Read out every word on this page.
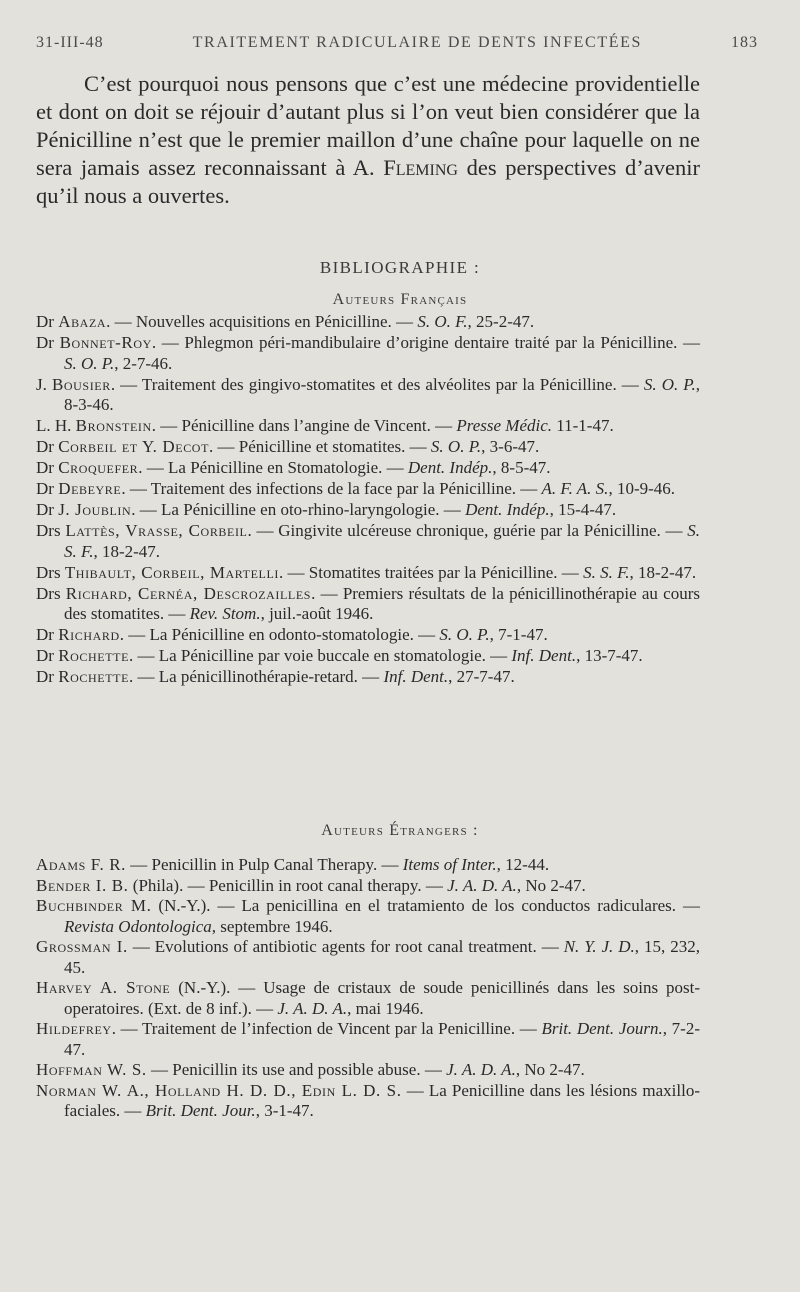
31-III-48	TRAITEMENT RADICULAIRE DE DENTS INFECTÉES	183

C’est pourquoi nous pensons que c’est une médecine providentielle et dont on doit se réjouir d’autant plus si l’on veut bien considérer que la Pénicilline n’est que le premier maillon d’une chaîne pour laquelle on ne sera jamais assez reconnaissant à A. Fleming des perspectives d’avenir qu’il nous a ouvertes.

BIBLIOGRAPHIE :
Auteurs Français

Dr Abaza. — Nouvelles acquisitions en Pénicilline. — S. O. F., 25-2-47.

Dr Bonnet-Roy. — Phlegmon péri-mandibulaire d’origine dentaire traité par la Pénicilline. — S. O. P., 2-7-46.

J. Bousier. — Traitement des gingivo-stomatites et des alvéolites par la Pénicilline. — S. O. P., 8-3-46.

L. H. Bronstein. — Pénicilline dans l’angine de Vincent. — Presse Médic. 11-1-47.

Dr Corbeil et Y. Decot. — Pénicilline et stomatites. — S. O. P., 3-6-47.

Dr Croquefer. — La Pénicilline en Stomatologie. — Dent. Indép., 8-5-47.

Dr Debeyre. — Traitement des infections de la face par la Pénicilline. — A. F. A. S., 10-9-46.

Dr J. Joublin. — La Pénicilline en oto-rhino-laryngologie. — Dent. Indép., 15-4-47.

Drs Lattès, Vrasse, Corbeil. — Gingivite ulcéreuse chronique, guérie par la Pénicilline. — S. S. F., 18-2-47.

Drs Thibault, Corbeil, Martelli. — Stomatites traitées par la Pénicilline. — S. S. F., 18-2-47.

Drs Richard, Cernéa, Descrozailles. — Premiers résultats de la pénicillinothérapie au cours des stomatites. — Rev. Stom., juil.-août 1946.

Dr Richard. — La Pénicilline en odonto-stomatologie. — S. O. P., 7-1-47.

Dr Rochette. — La Pénicilline par voie buccale en stomatologie. — Inf. Dent., 13-7-47.

Dr Rochette. — La pénicillinothérapie-retard. — Inf. Dent., 27-7-47.

Auteurs Étrangers :

Adams F. R. — Penicillin in Pulp Canal Therapy. — Items of Inter., 12-44.

Bender I. B. (Phila). — Penicillin in root canal therapy. — J. A. D. A., No 2-47.

Buchbinder M. (N.-Y.). — La penicillina en el tratamiento de los conductos radiculares. — Revista Odontologica, septembre 1946.

Grossman I. — Evolutions of antibiotic agents for root canal treatment. — N. Y. J. D., 15, 232, 45.

Harvey A. Stone (N.-Y.). — Usage de cristaux de soude penicillinés dans les soins post-operatoires. (Ext. de 8 inf.). — J. A. D. A., mai 1946.

Hildefrey. — Traitement de l’infection de Vincent par la Penicilline. — Brit. Dent. Journ., 7-2-47.

Hoffman W. S. — Penicillin its use and possible abuse. — J. A. D. A., No 2-47.

Norman W. A., Holland H. D. D., Edin L. D. S. — La Penicilline dans les lésions maxillo-faciales. — Brit. Dent. Jour., 3-1-47.
